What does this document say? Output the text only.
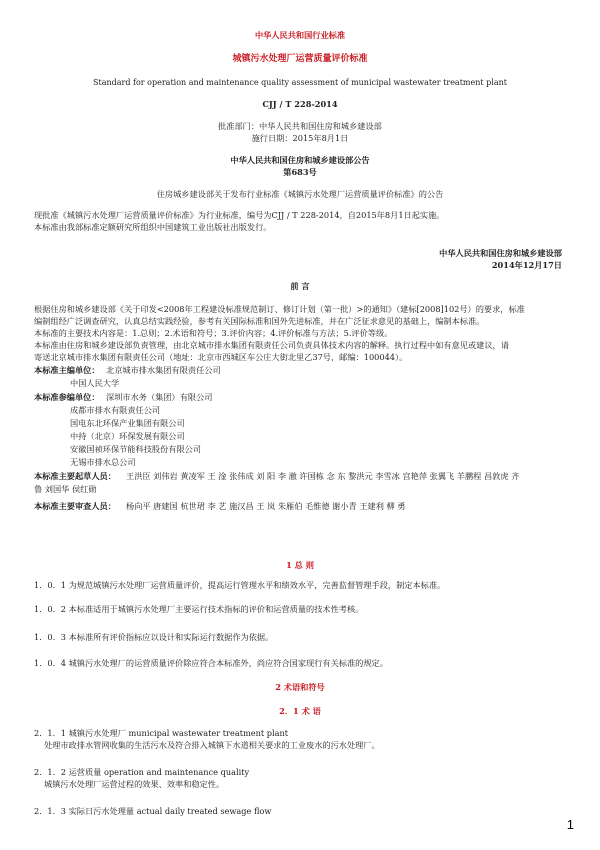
中华人民共和国行业标准
城镇污水处理厂运营质量评价标准
Standard for operation and maintenance quality assessment of municipal wastewater treatment plant
CJJ / T 228-2014
批准部门：中华人民共和国住房和城乡建设部
施行日期：2015年8月1日
中华人民共和国住房和城乡建设部公告
第683号
住房城乡建设部关于发布行业标准《城镇污水处理厂运营质量评价标准》的公告
现批准《城镇污水处理厂运营质量评价标准》为行业标准，编号为CJJ / T 228-2014，自2015年8月1日起实施。
本标准由我部标准定额研究所组织中国建筑工业出版社出版发行。
中华人民共和国住房和城乡建设部
2014年12月17日
前 言
根据住房和城乡建设部《关于印发<2008年工程建设标准规范制订、修订计划（第一批）>的通知》（建标[2008]102号）的要求，标准
编制组经广泛调查研究，认真总结实践经验，参考有关国际标准和国外先进标准，并在广泛征求意见的基础上，编制本标准。
本标准的主要技术内容是：1.总则；2.术语和符号；3.评价内容；4.评价标准与方法；5.评价等级。
本标准由住房和城乡建设部负责管理，由北京城市排水集团有限责任公司负责具体技术内容的解释。执行过程中如有意见或建议，请
寄送北京城市排水集团有限责任公司（地址：北京市西城区车公庄大街北里乙37号，邮编：100044）。
本标准主编单位： 北京城市排水集团有限责任公司
中国人民大学
本标准参编单位： 深圳市水务（集团）有限公司
成都市排水有限责任公司
国电东北环保产业集团有限公司
中持（北京）环保发展有限公司
安徽国祯环保节能科技股份有限公司
无锡市排水总公司
本标准主要起草人员： 王洪臣 刘伟岩 黄凌军 王 淦 张伟成 刘 阳 李 澈 许国栋 念 东 黎洪元 李雪冰 宫艳萍 张翼飞 羊鹏程 昌敦虎 齐
鲁 刘国华 侯红勋
本标准主要审查人员： 杨向平 唐建国 杭世珺 李 艺 施汉昌 王 岚 朱雁伯 毛惟德 谢小青 王建利 柳 勇
1 总 则
1．0．1 为规范城镇污水处理厂运营质量评价，提高运行管理水平和绩效水平，完善监督管理手段，制定本标准。
1．0．2 本标准适用于城镇污水处理厂主要运行技术指标的评价和运营质量的技术性考核。
1．0．3 本标准所有评价指标应以设计和实际运行数据作为依据。
1．0．4 城镇污水处理厂的运营质量评价除应符合本标准外，尚应符合国家现行有关标准的规定。
2 术语和符号
2．1 术 语
2．1．1 城镇污水处理厂 municipal wastewater treatment plant
处理市政排水管网收集的生活污水及符合排入城镇下水道相关要求的工业废水的污水处理厂。
2．1．2 运营质量 operation and maintenance quality
城镇污水处理厂运营过程的效果、效率和稳定性。
2．1．3 实际日污水处理量 actual daily treated sewage flow
1
